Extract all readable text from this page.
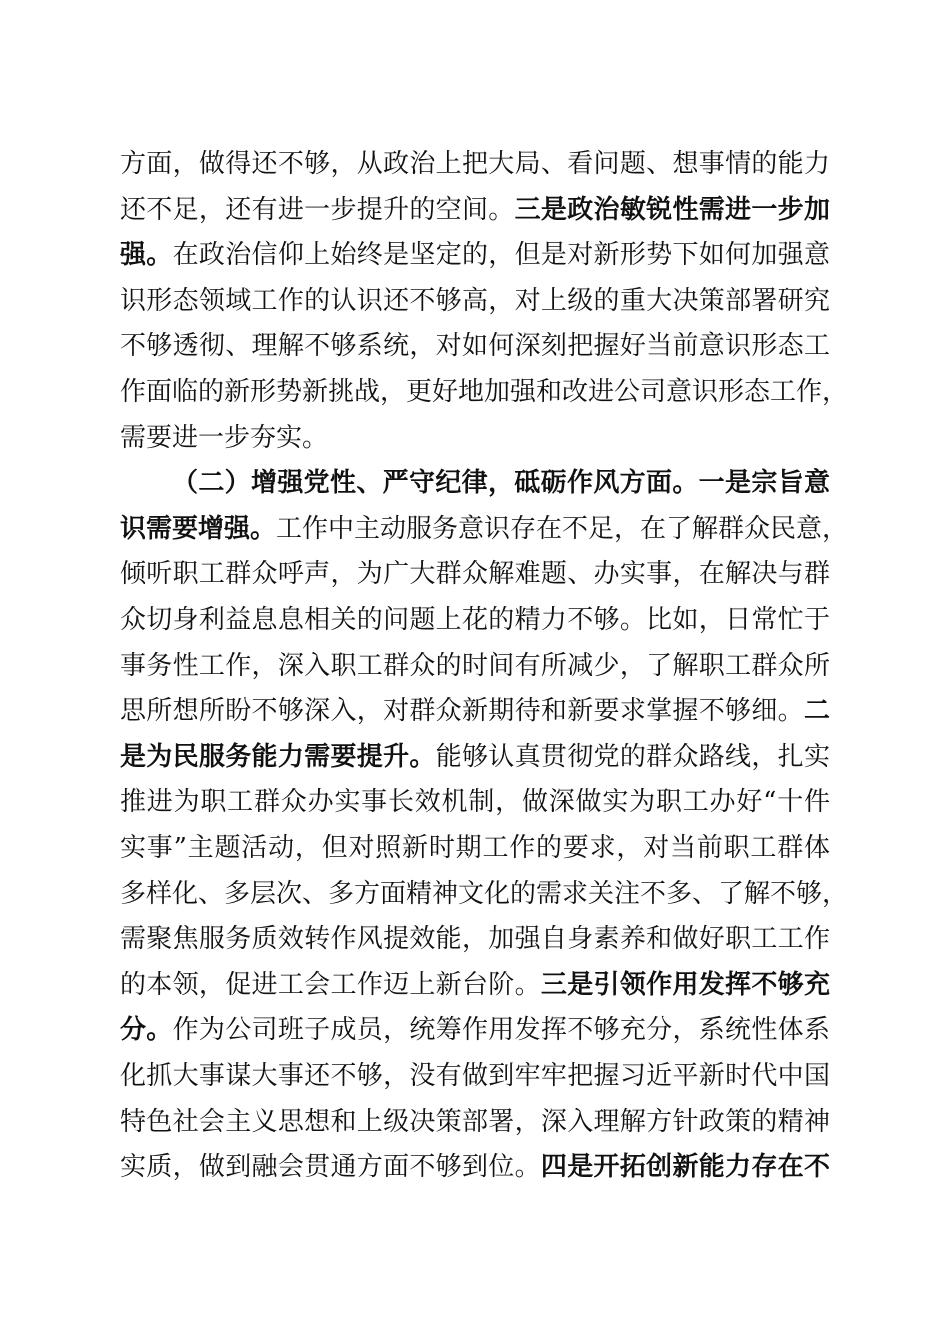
方面，做得还不够，从政治上把大局、看问题、想事情的能力
还不足，还有进一步提升的空间。三是政治敏锐性需进一步加
强。在政治信仰上始终是坚定的，但是对新形势下如何加强意
识形态领域工作的认识还不够高，对上级的重大决策部署研究
不够透彻、理解不够系统，对如何深刻把握好当前意识形态工
作面临的新形势新挑战，更好地加强和改进公司意识形态工作，
需要进一步夯实。
（二）增强党性、严守纪律，砥砺作风方面。一是宗旨意
识需要增强。工作中主动服务意识存在不足，在了解群众民意，
倾听职工群众呼声，为广大群众解难题、办实事，在解决与群
众切身利益息息相关的问题上花的精力不够。比如，日常忙于
事务性工作，深入职工群众的时间有所减少，了解职工群众所
思所想所盼不够深入，对群众新期待和新要求掌握不够细。二
是为民服务能力需要提升。能够认真贯彻党的群众路线，扎实
推进为职工群众办实事长效机制，做深做实为职工办好“十件
实事”主题活动，但对照新时期工作的要求，对当前职工群体
多样化、多层次、多方面精神文化的需求关注不多、了解不够，
需聚焦服务质效转作风提效能，加强自身素养和做好职工工作
的本领，促进工会工作迈上新台阶。三是引领作用发挥不够充
分。作为公司班子成员，统筹作用发挥不够充分，系统性体系
化抓大事谋大事还不够，没有做到牢牢把握习近平新时代中国
特色社会主义思想和上级决策部署，深入理解方针政策的精神
实质，做到融会贯通方面不够到位。四是开拓创新能力存在不
